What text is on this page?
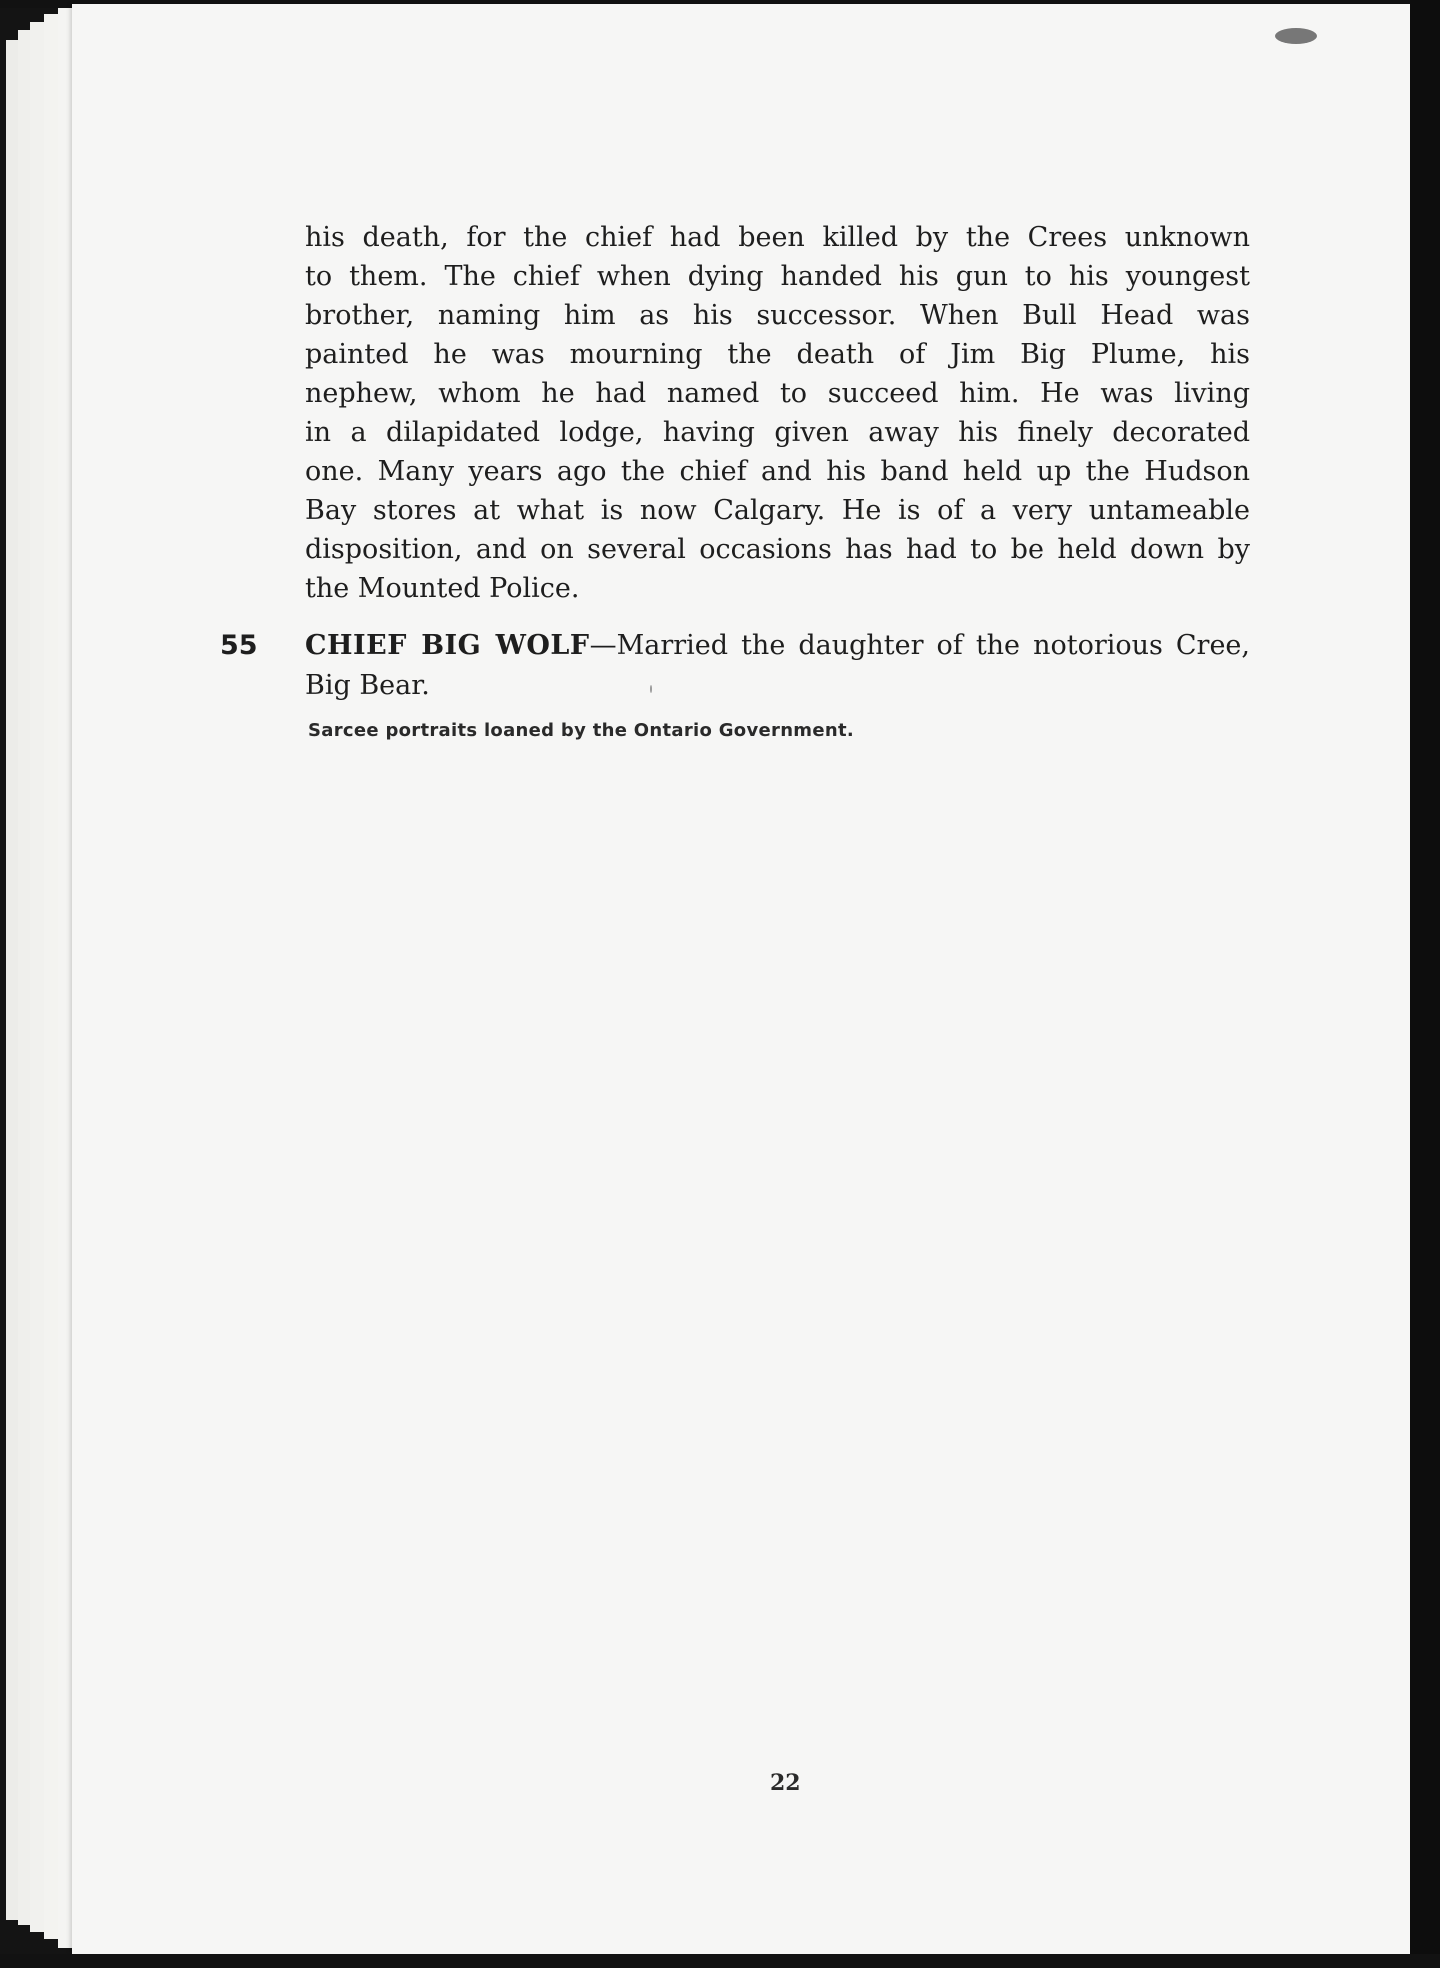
his death, for the chief had been killed by the Crees unknown
to them. The chief when dying handed his gun to his youngest
brother, naming him as his successor. When Bull Head was
painted he was mourning the death of Jim Big Plume, his
nephew, whom he had named to succeed him. He was living
in a dilapidated lodge, having given away his finely decorated
one. Many years ago the chief and his band held up the Hudson
Bay stores at what is now Calgary. He is of a very untameable
disposition, and on several occasions has had to be held down by
the Mounted Police.
55 CHIEF BIG WOLF—Married the daughter of the notorious Cree,
Big Bear.
Sarcee portraits loaned by the Ontario Government.
22
